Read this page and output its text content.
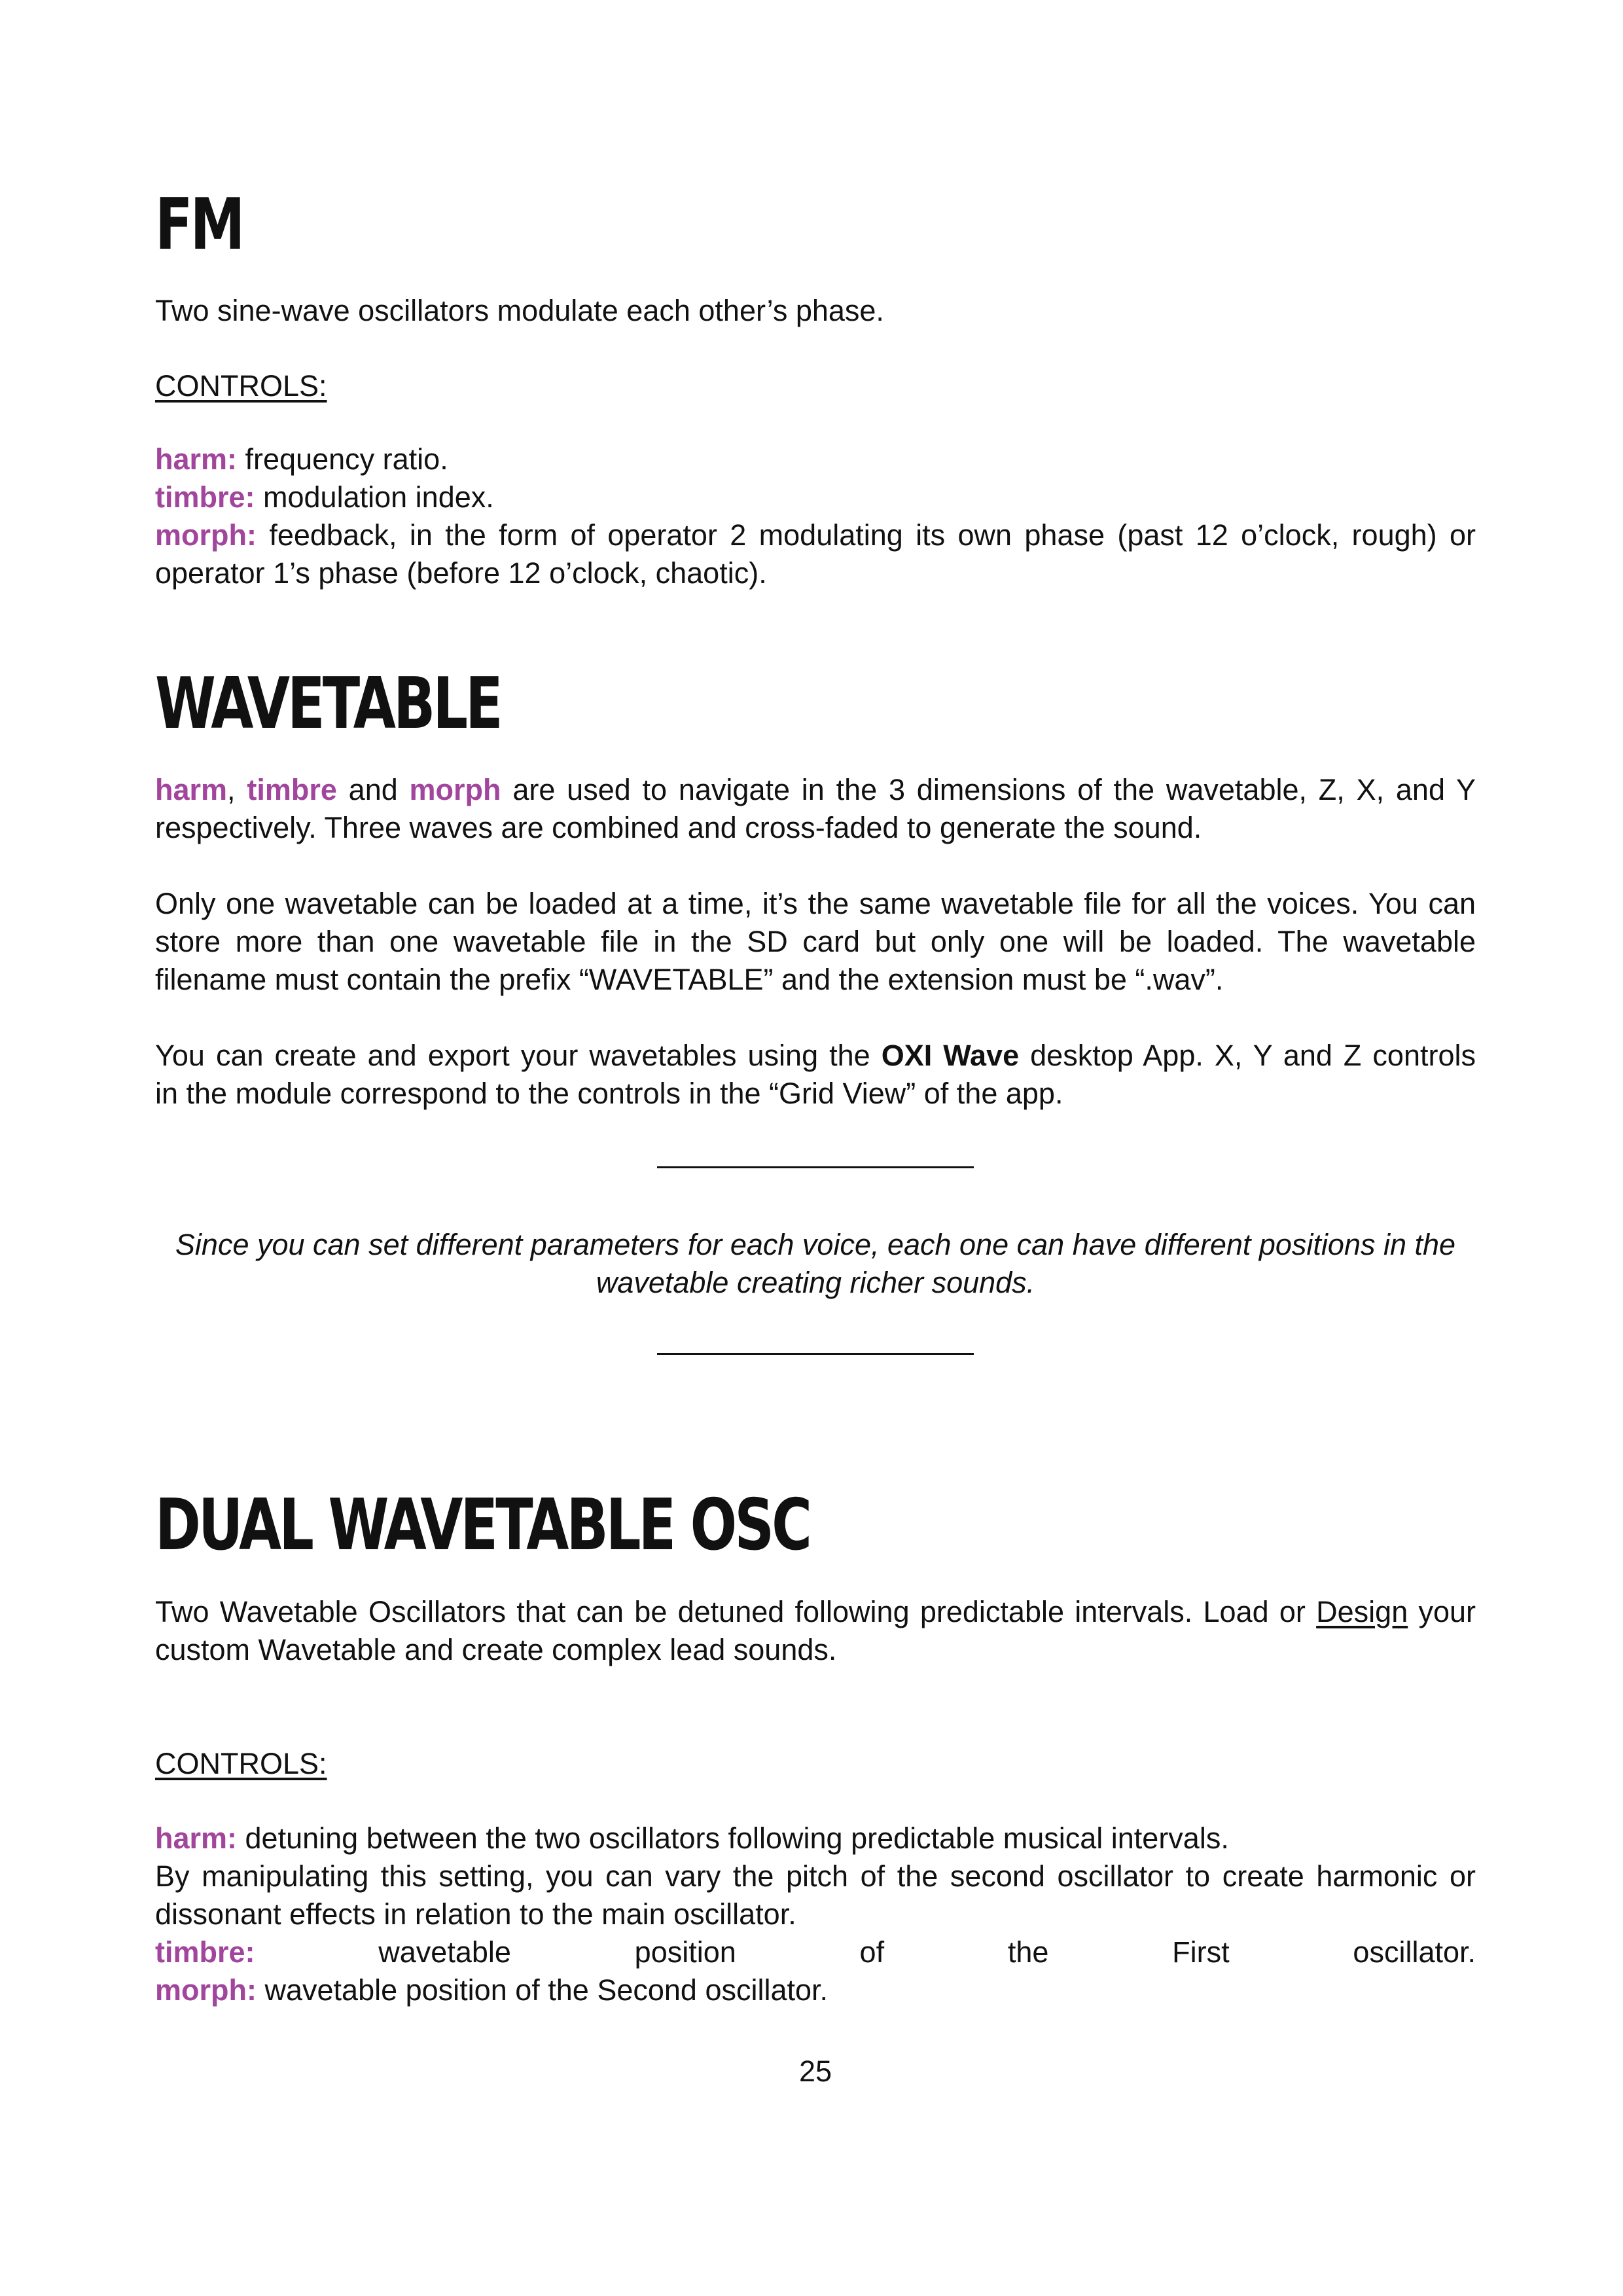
FM

Two sine-wave oscillators modulate each other’s phase.

CONTROLS:

harm: frequency ratio.
timbre: modulation index.
morph: feedback, in the form of operator 2 modulating its own phase (past 12 o’clock, rough) or
operator 1’s phase (before 12 o’clock, chaotic).

WAVETABLE

harm, timbre and morph are used to navigate in the 3 dimensions of the wavetable, Z, X, and Y
respectively. Three waves are combined and cross-faded to generate the sound.

Only one wavetable can be loaded at a time, it’s the same wavetable file for all the voices. You can
store more than one wavetable file in the SD card but only one will be loaded. The wavetable
filename must contain the prefix “WAVETABLE” and the extension must be “.wav”.

You can create and export your wavetables using the OXI Wave desktop App. X, Y and Z controls
in the module correspond to the controls in the “Grid View” of the app.

Since you can set different parameters for each voice, each one can have different positions in the
wavetable creating richer sounds.

DUAL WAVETABLE OSC

Two Wavetable Oscillators that can be detuned following predictable intervals. Load or Design your
custom Wavetable and create complex lead sounds.

CONTROLS:

harm: detuning between the two oscillators following predictable musical intervals.
By manipulating this setting, you can vary the pitch of the second oscillator to create harmonic or
dissonant effects in relation to the main oscillator.
timbre: wavetable position of the First oscillator.
morph: wavetable position of the Second oscillator.

25
